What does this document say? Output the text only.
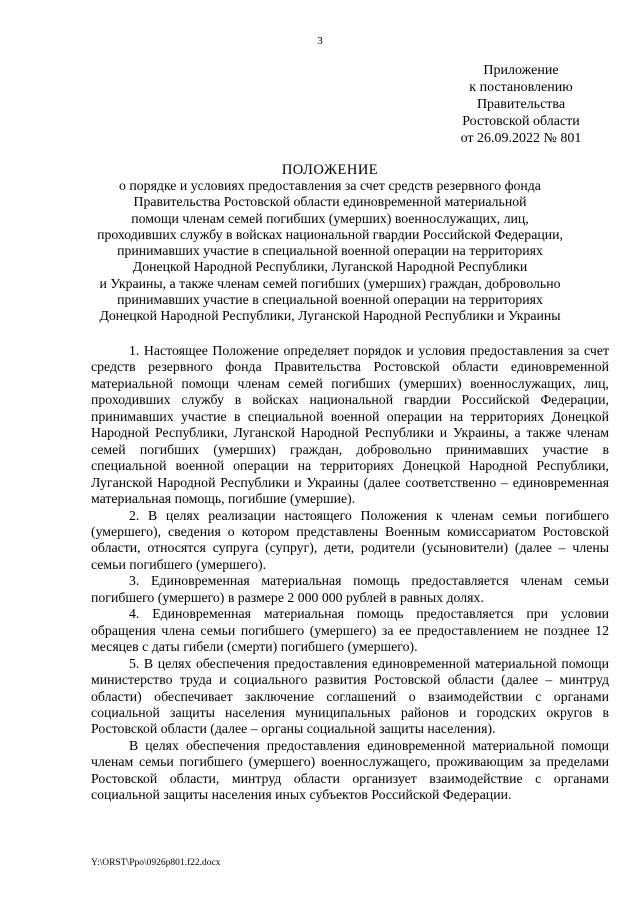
3
Приложение
к постановлению
Правительства
Ростовской области
от 26.09.2022 № 801
ПОЛОЖЕНИЕ
о порядке и условиях предоставления за счет средств резервного фонда
Правительства Ростовской области единовременной материальной
помощи членам семей погибших (умерших) военнослужащих, лиц,
проходивших службу в войсках национальной гвардии Российской Федерации,
принимавших участие в специальной военной операции на территориях
Донецкой Народной Республики, Луганской Народной Республики
и Украины, а также членам семей погибших (умерших) граждан, добровольно
принимавших участие в специальной военной операции на территориях
Донецкой Народной Республики, Луганской Народной Республики и Украины

1. Настоящее Положение определяет порядок и условия предоставления за счет средств резервного фонда Правительства Ростовской области единовременной материальной помощи членам семей погибших (умерших) военнослужащих, лиц, проходивших службу в войсках национальной гвардии Российской Федерации, принимавших участие в специальной военной операции на территориях Донецкой Народной Республики, Луганской Народной Республики и Украины, а также членам семей погибших (умерших) граждан, добровольно принимавших участие в специальной военной операции на территориях Донецкой Народной Республики, Луганской Народной Республики и Украины (далее соответственно – единовременная материальная помощь, погибшие (умершие).

2. В целях реализации настоящего Положения к членам семьи погибшего (умершего), сведения о котором представлены Военным комиссариатом Ростовской области, относятся супруга (супруг), дети, родители (усыновители) (далее – члены семьи погибшего (умершего).

3. Единовременная материальная помощь предоставляется членам семьи погибшего (умершего) в размере 2 000 000 рублей в равных долях.

4. Единовременная материальная помощь предоставляется при условии обращения члена семьи погибшего (умершего) за ее предоставлением не позднее 12 месяцев с даты гибели (смерти) погибшего (умершего).

5. В целях обеспечения предоставления единовременной материальной помощи министерство труда и социального развития Ростовской области (далее – минтруд области) обеспечивает заключение соглашений о взаимодействии с органами социальной защиты населения муниципальных районов и городских округов в Ростовской области (далее – органы социальной защиты населения).

В целях обеспечения предоставления единовременной материальной помощи членам семьи погибшего (умершего) военнослужащего, проживающим за пределами Ростовской области, минтруд области организует взаимодействие с органами социальной защиты населения иных субъектов Российской Федерации.

Y:\ORST\Ppo\0926p801.f22.docx
